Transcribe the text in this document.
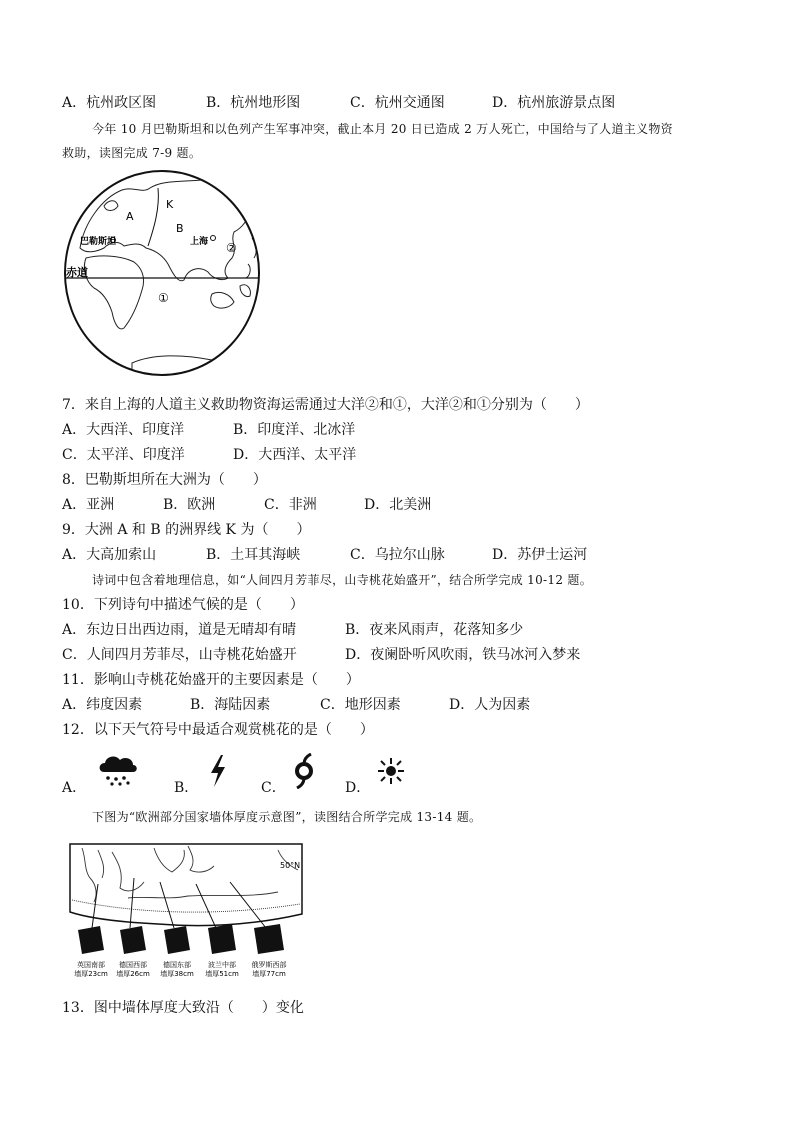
A．杭州政区图	B．杭州地形图	C．杭州交通图	D．杭州旅游景点图
今年 10 月巴勒斯坦和以色列产生军事冲突，截止本月 20 日已造成 2 万人死亡，中国给与了人道主义物资
救助，读图完成 7-9 题。
A
K
B
巴勒斯坦	上海 ②
赤道
①
7．来自上海的人道主义救助物资海运需通过大洋②和①，大洋②和①分别为（　　）
A．大西洋、印度洋	B．印度洋、北冰洋
C．太平洋、印度洋	D．大西洋、太平洋
8．巴勒斯坦所在大洲为（　　）
A．亚洲	B．欧洲	C．非洲	D．北美洲
9．大洲 A 和 B 的洲界线 K 为（　　）
A．大高加索山	B．土耳其海峡	C．乌拉尔山脉	D．苏伊士运河
诗词中包含着地理信息，如“人间四月芳菲尽，山寺桃花始盛开”，结合所学完成 10-12 题。
10．下列诗句中描述气候的是（　　）
A．东边日出西边雨，道是无晴却有晴	B．夜来风雨声，花落知多少
C．人间四月芳菲尽，山寺桃花始盛开	D．夜阑卧听风吹雨，铁马冰河入梦来
11．影响山寺桃花始盛开的主要因素是（　　）
A．纬度因素	B．海陆因素	C．地形因素	D．人为因素
12．以下天气符号中最适合观赏桃花的是（　　）
A．	B．	C．	D．
下图为“欧洲部分国家墙体厚度示意图”，读图结合所学完成 13-14 题。
50°N
英国南部
墙厚23cm
德国西部
墙厚26cm
德国东部
墙厚38cm
波兰中部
墙厚51cm
俄罗斯西部
墙厚77cm
13．图中墙体厚度大致沿（　　）变化
